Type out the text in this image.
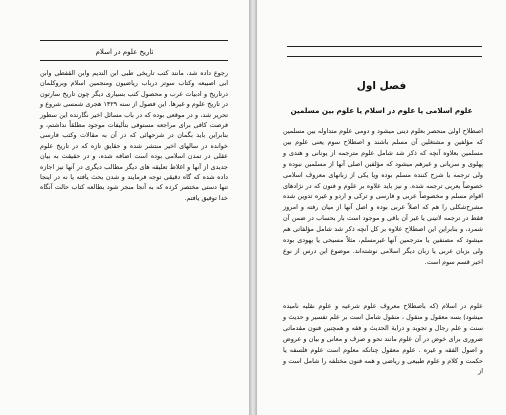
تاريخ علوم در اسلام

رجوع داده شد، مانند کتب تاریخی طبی ابن الندیم وابن القفطی وابن ابی اصیبعه وکتاب سوتر درباب ریاضیون ومنجمین اسلام وبروکلمان درتاریخ و ادبیات عرب و محصول کتب بسیاری دیگر چون تاریخ سارتون در تاریخ علوم و غیرها. این فصول از سنه ۱۳۲۹ هجری شمسی شروع و تحریر شد، و در موقعی بوده که در باب مسائل اخیر نگارنده این سطور فرصت کافی برای مراجعه مستوفی بتألیفات موجود مطلقاً نداشتم، و بنابراین باید بگمان در شرحهائی که در آن به مقالات وکتب فارسی خوانده در سالهای اخیر منتشر شده و حقایق تازه که در تاریخ علوم عقلی در تمدن اسلامی بوده است اضافه شده، و در حقیقت به بیان جدیدی از آنها و اغلاط تعلیقه های دیگر مطالب دیگری در آنها نیز اجازه داده شده که گاه دقیقی توجه فرمایند و شدن بحث یافته یا نه در اینجا تنها دستی مختصر کرده که به آنجا منجر شود بطالعه کتاب حالت آنگاه خدا توفیق یافتم.

فصل اول
علوم اسلامی یا علوم در اسلام یا علوم بین مسلمین

اصطلاح اولی منحصر بعلوم دینی میشود و دومی علوم متداوله بین مسلمین که مؤلفین و مشتغلین آن مسلم باشند و اصطلاح سوم یعنی علوم بین مسلمین بعلاوه آنچه که ذکر شد شامل علوم مترجمه از یونانی و هندی و پهلوی و سریانی و غیرهم میشود که مؤلفین اصلی آنها از مسلمین نبوده و ولی ترجمه یا شرح کننده مسلم بوده ویا یکی از زبانهای معروف اسلامی خصوصاً بعربی ترجمه شده. و نیز باید علاوه بر علوم و فنون که در نژادهای اقوام مسلم و مخصوصاً عربی و فارسی و ترکی و اردو و غیره تدوین شده مشرح‌شکلی را هم که اصلاً عربی بوده و اصل آنها از میان رفته و امروز فقط در ترجمه لاتینی یا غیر آن باقی و موجود است بار بحساب در ضمن آن شمرد، و بنابراین این اصطلاح علاوه بر کل آنچه ذکر شد شامل مؤلفاتی هم میشود که مصنفین یا مترجمین آنها غیرمسلم، مثلاً مسیحی یا یهودی بوده ولی بزبان عربی یا زبان دیگر اسلامی نوشته‌اند. موضوع این درس از نوع اخیر قسم سوم است.

علوم در اسلام (که باصطلاح معروف علوم شرعیه و علوم نقلیه نامیده میشود) بسه معقول و منقول ، منقول شامل است بر علم تفسیر و حدیث و سنت و علم رجال و تجوید و درایة الحدیث و فقه و همچنین فنون مقدماتی ضروری برای خوض در آن علوم مانند نحو و صرف و معانی و بیان و عروض و اصول الفقه و غیره . علوم معقول چنانکه معلوم است علوم فلسفه یا حکمت و کلام و علوم طبیعی و ریاضی و همه فنون مختلفه را شامل است و از
